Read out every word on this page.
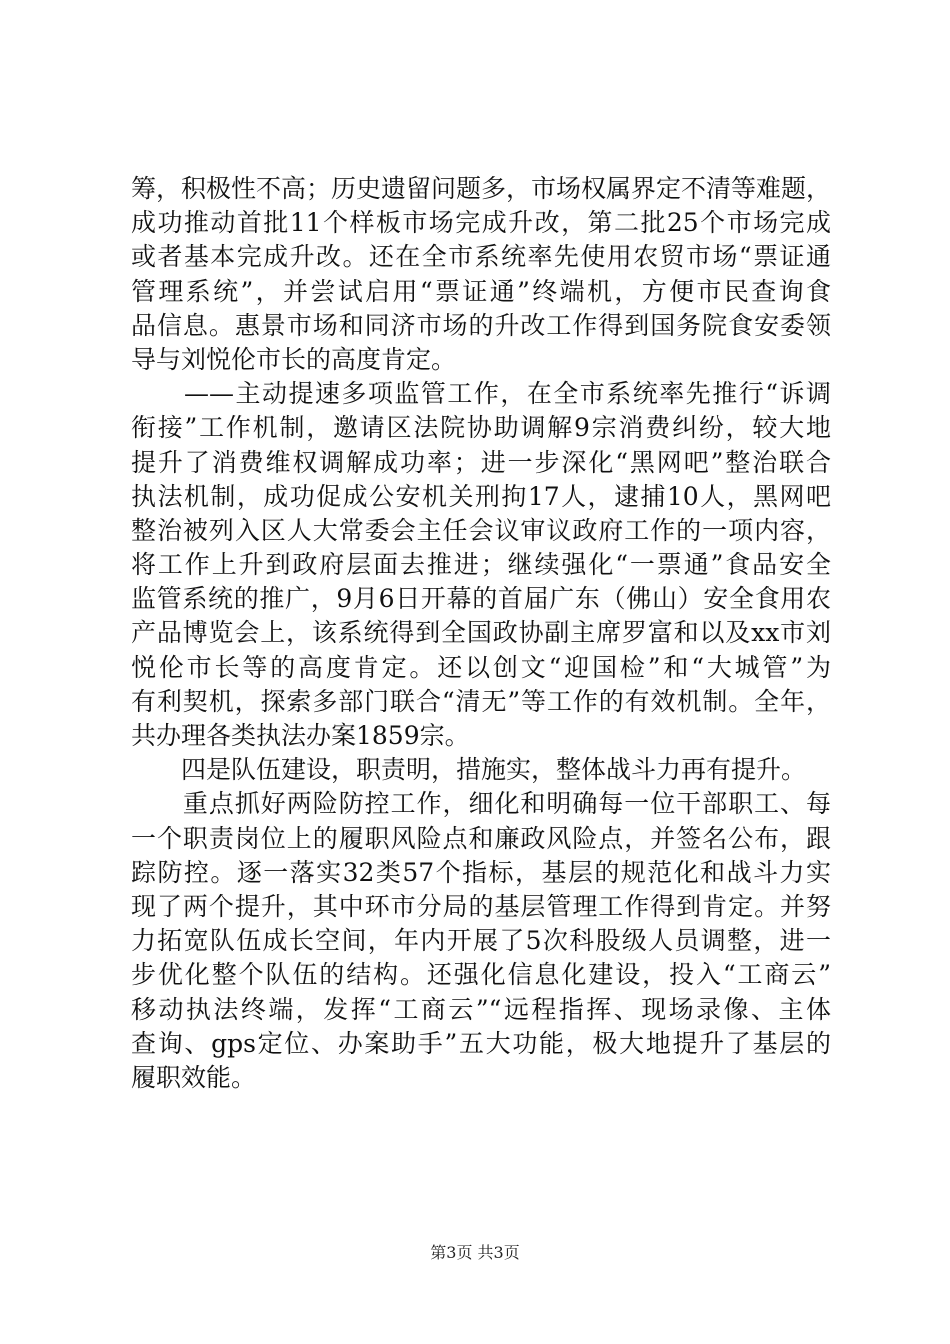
筹，积极性不高；历史遗留问题多，市场权属界定不清等难题，
成功推动首批11个样板市场完成升改，第二批25个市场完成
或者基本完成升改。还在全市系统率先使用农贸市场“票证通
管理系统”，并尝试启用“票证通”终端机，方便市民查询食
品信息。惠景市场和同济市场的升改工作得到国务院食安委领
导与刘悦伦市长的高度肯定。
　　——主动提速多项监管工作，在全市系统率先推行“诉调
衔接”工作机制，邀请区法院协助调解9宗消费纠纷，较大地
提升了消费维权调解成功率；进一步深化“黑网吧”整治联合
执法机制，成功促成公安机关刑拘17人，逮捕10人，黑网吧
整治被列入区人大常委会主任会议审议政府工作的一项内容，
将工作上升到政府层面去推进；继续强化“一票通”食品安全
监管系统的推广，9月6日开幕的首届广东（佛山）安全食用农
产品博览会上，该系统得到全国政协副主席罗富和以及xx市刘
悦伦市长等的高度肯定。还以创文“迎国检”和“大城管”为
有利契机，探索多部门联合“清无”等工作的有效机制。全年，
共办理各类执法办案1859宗。
　　四是队伍建设，职责明，措施实，整体战斗力再有提升。
　　重点抓好两险防控工作，细化和明确每一位干部职工、每
一个职责岗位上的履职风险点和廉政风险点，并签名公布，跟
踪防控。逐一落实32类57个指标，基层的规范化和战斗力实
现了两个提升，其中环市分局的基层管理工作得到肯定。并努
力拓宽队伍成长空间，年内开展了5次科股级人员调整，进一
步优化整个队伍的结构。还强化信息化建设，投入“工商云”
移动执法终端，发挥“工商云”“远程指挥、现场录像、主体
查询、gps定位、办案助手”五大功能，极大地提升了基层的
履职效能。
第3页 共3页
